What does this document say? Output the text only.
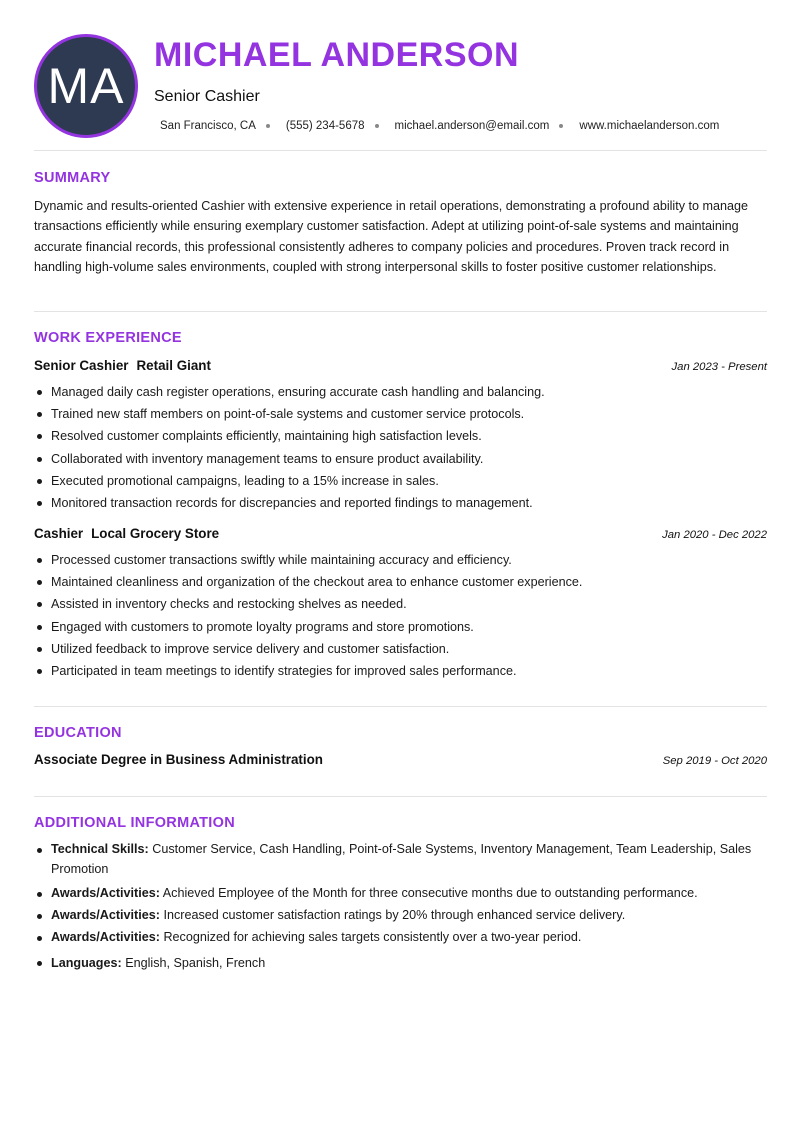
MA
MICHAEL ANDERSON
Senior Cashier
San Francisco, CA	(555) 234-5678	michael.anderson@email.com	www.michaelanderson.com
SUMMARY

Dynamic and results-oriented Cashier with extensive experience in retail operations, demonstrating a profound ability to manage transactions efficiently while ensuring exemplary customer satisfaction. Adept at utilizing point-of-sale systems and maintaining accurate financial records, this professional consistently adheres to company policies and procedures. Proven track record in handling high-volume sales environments, coupled with strong interpersonal skills to foster positive customer relationships.

WORK EXPERIENCE
Senior Cashier Retail Giant	Jan 2023 - Present
Managed daily cash register operations, ensuring accurate cash handling and balancing.
Trained new staff members on point-of-sale systems and customer service protocols.
Resolved customer complaints efficiently, maintaining high satisfaction levels.
Collaborated with inventory management teams to ensure product availability.
Executed promotional campaigns, leading to a 15% increase in sales.
Monitored transaction records for discrepancies and reported findings to management.
Cashier Local Grocery Store	Jan 2020 - Dec 2022
Processed customer transactions swiftly while maintaining accuracy and efficiency.
Maintained cleanliness and organization of the checkout area to enhance customer experience.
Assisted in inventory checks and restocking shelves as needed.
Engaged with customers to promote loyalty programs and store promotions.
Utilized feedback to improve service delivery and customer satisfaction.
Participated in team meetings to identify strategies for improved sales performance.
EDUCATION
Associate Degree in Business Administration	Sep 2019 - Oct 2020
ADDITIONAL INFORMATION
Technical Skills: Customer Service, Cash Handling, Point-of-Sale Systems, Inventory Management, Team Leadership, Sales Promotion
Awards/Activities: Achieved Employee of the Month for three consecutive months due to outstanding performance.
Awards/Activities: Increased customer satisfaction ratings by 20% through enhanced service delivery.
Awards/Activities: Recognized for achieving sales targets consistently over a two-year period.
Languages: English, Spanish, French
